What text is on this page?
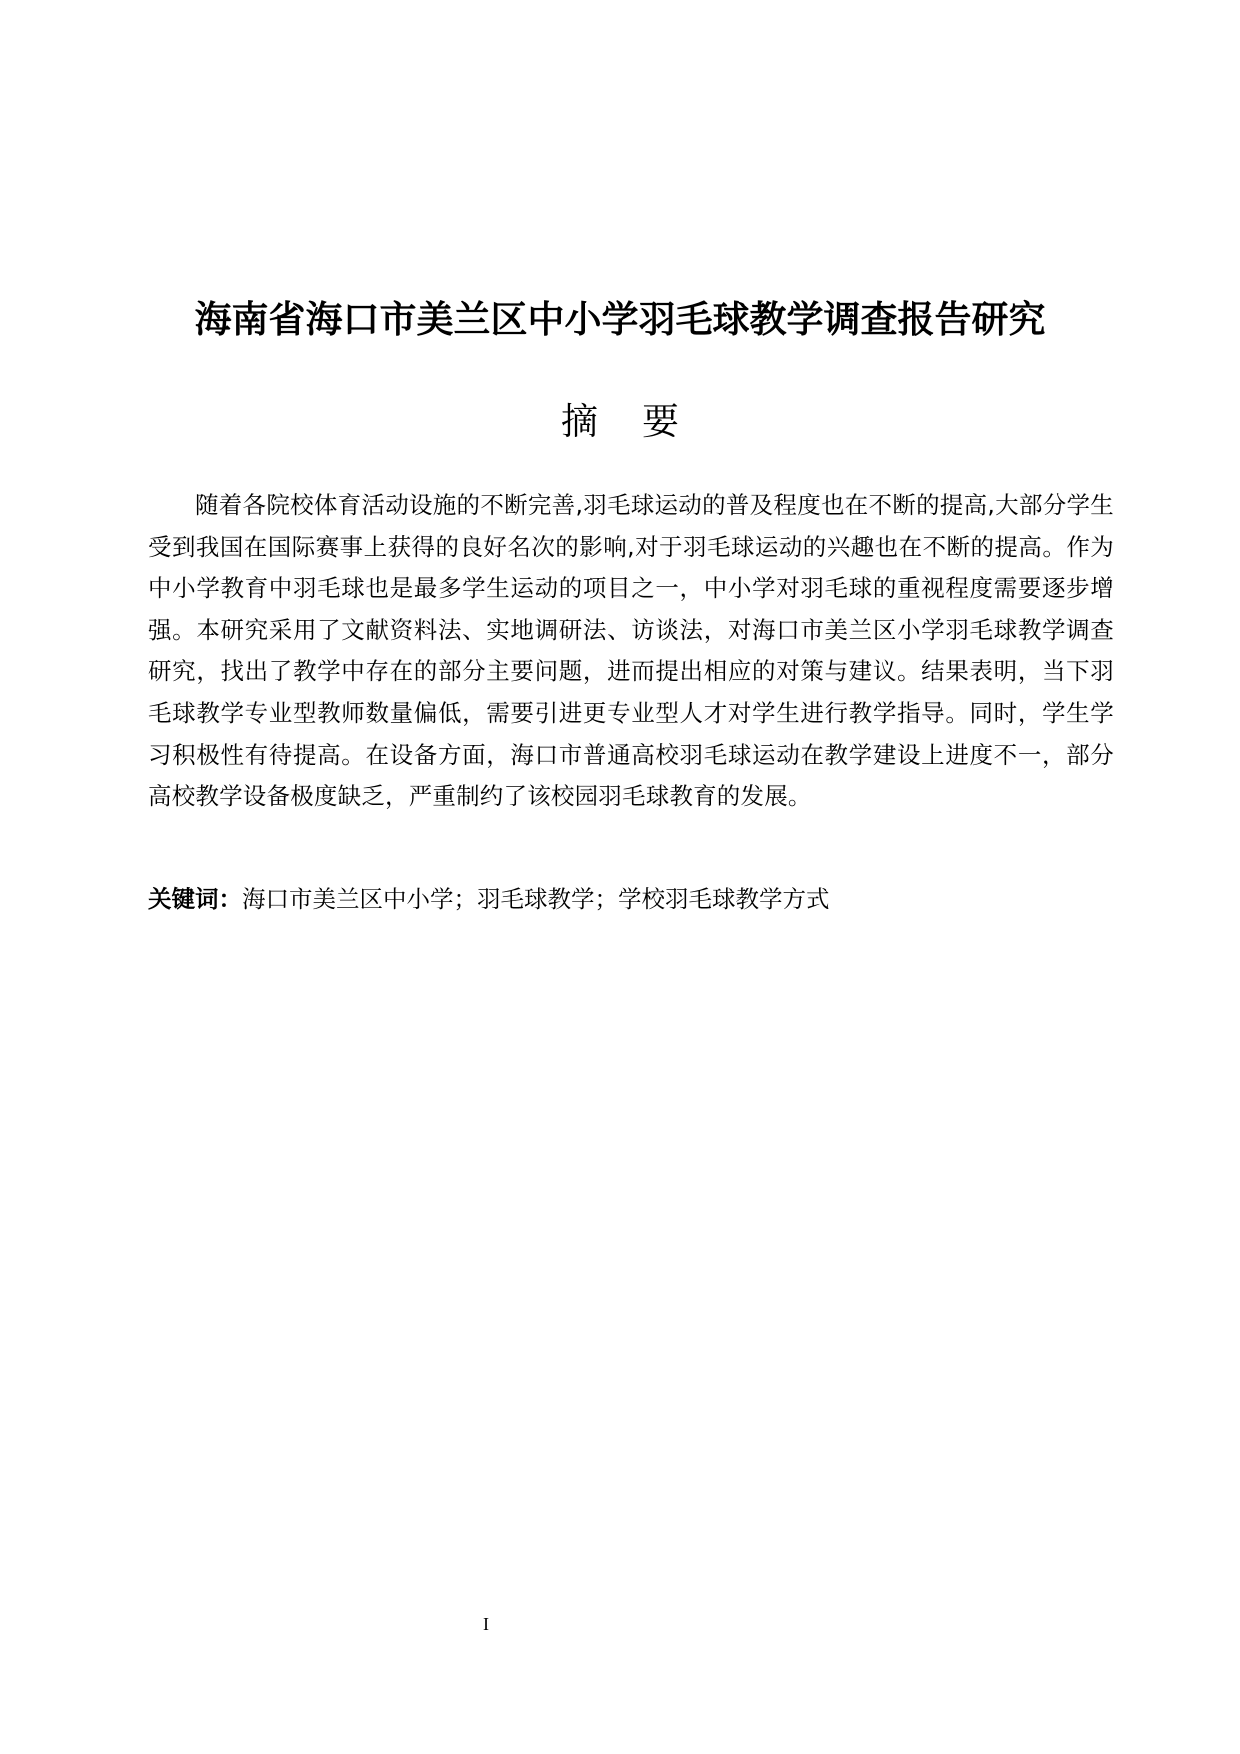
海南省海口市美兰区中小学羽毛球教学调查报告研究
摘要

随着各院校体育活动设施的不断完善,羽毛球运动的普及程度也在不断的提高,大部分学生受到我国在国际赛事上获得的良好名次的影响,对于羽毛球运动的兴趣也在不断的提高。作为中小学教育中羽毛球也是最多学生运动的项目之一，中小学对羽毛球的重视程度需要逐步增强。本研究采用了文献资料法、实地调研法、访谈法，对海口市美兰区小学羽毛球教学调查研究，找出了教学中存在的部分主要问题，进而提出相应的对策与建议。结果表明，当下羽毛球教学专业型教师数量偏低，需要引进更专业型人才对学生进行教学指导。同时，学生学习积极性有待提高。在设备方面，海口市普通高校羽毛球运动在教学建设上进度不一，部分高校教学设备极度缺乏，严重制约了该校园羽毛球教育的发展。

关键词：海口市美兰区中小学；羽毛球教学；学校羽毛球教学方式

I
